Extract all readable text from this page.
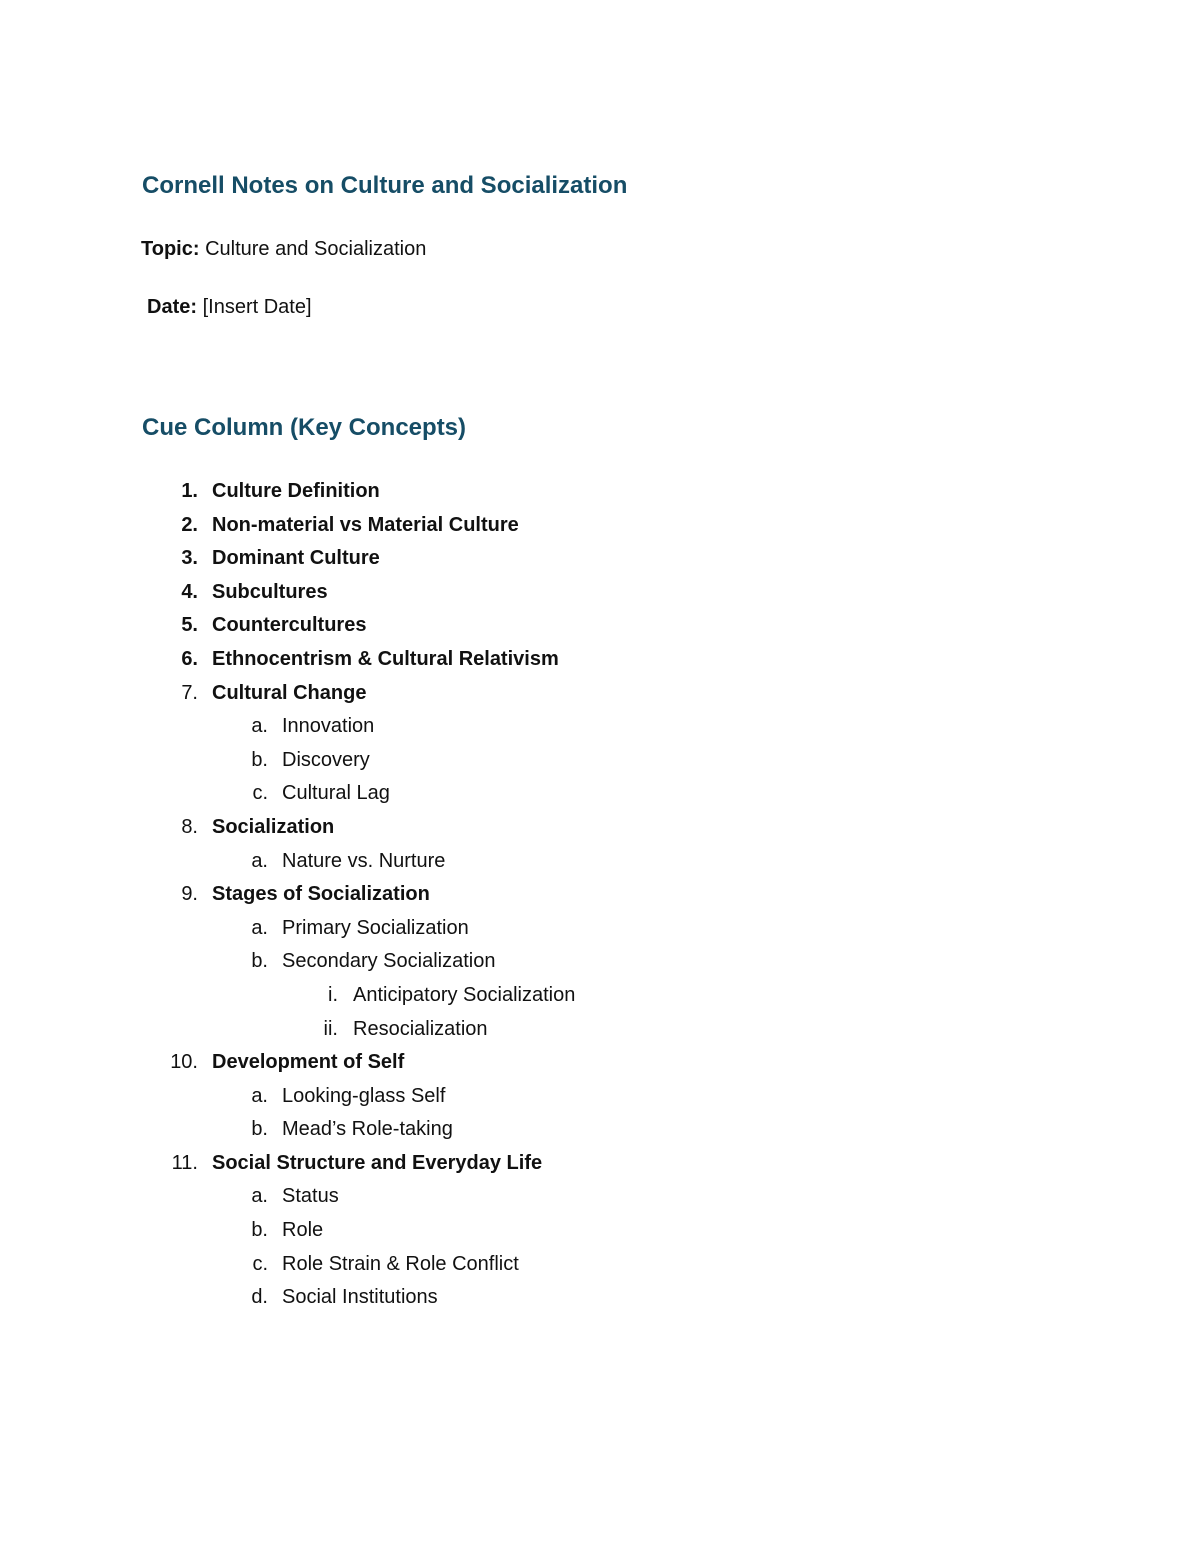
Cornell Notes on Culture and Socialization

Topic: Culture and Socialization

Date: [Insert Date]

Cue Column (Key Concepts)
1. Culture Definition
2. Non-material vs Material Culture
3. Dominant Culture
4. Subcultures
5. Countercultures
6. Ethnocentrism & Cultural Relativism
7. Cultural Change
a. Innovation
b. Discovery
c. Cultural Lag
8. Socialization
a. Nature vs. Nurture
9. Stages of Socialization
a. Primary Socialization
b. Secondary Socialization
i. Anticipatory Socialization
ii. Resocialization
10. Development of Self
a. Looking-glass Self
b. Mead’s Role-taking
11. Social Structure and Everyday Life
a. Status
b. Role
c. Role Strain & Role Conflict
d. Social Institutions
